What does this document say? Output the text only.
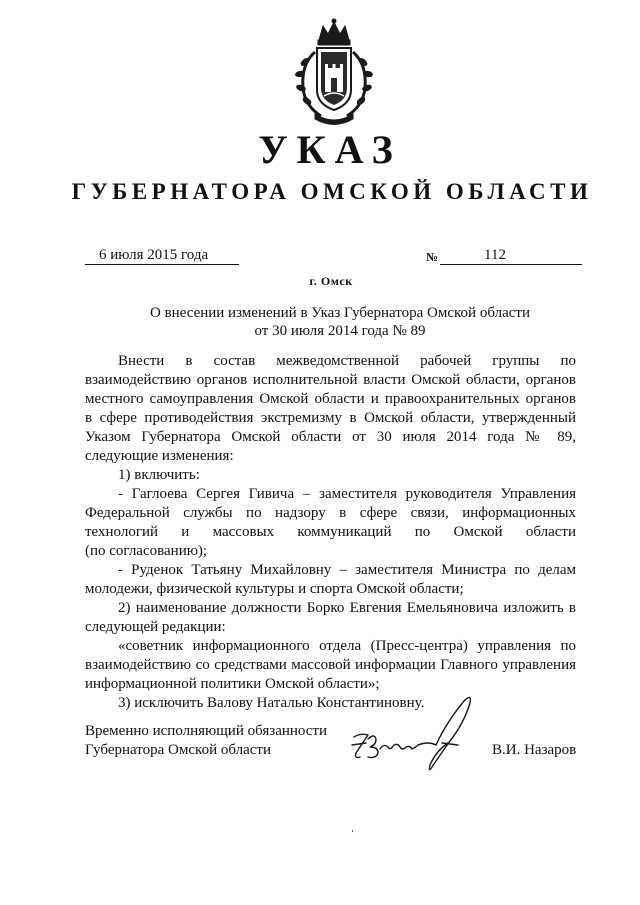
УКАЗ
ГУБЕРНАТОРА ОМСКОЙ ОБЛАСТИ
6 июля 2015 года	№	112
г. Омск
О внесении изменений в Указ Губернатора Омской области
от 30 июля 2014 года № 89

Внести в состав межведомственной рабочей группы по

взаимодействию органов исполнительной власти Омской области, органов

местного самоуправления Омской области и правоохранительных органов

в сфере противодействия экстремизму в Омской области, утвержденный

Указом Губернатора Омской области от 30 июля 2014 года № 89,

следующие изменения:

1) включить:

- Гаглоева Сергея Гивича – заместителя руководителя Управления

Федеральной службы по надзору в сфере связи, информационных

технологий и массовых коммуникаций по Омской области

(по согласованию);

- Руденок Татьяну Михайловну – заместителя Министра по делам

молодежи, физической культуры и спорта Омской области;

2) наименование должности Борко Евгения Емельяновича изложить в

следующей редакции:

«советник информационного отдела (Пресс-центра) управления по

взаимодействию со средствами массовой информации Главного управления

информационной политики Омской области»;

3) исключить Валову Наталью Константиновну.

Временно исполняющий обязанности
Губернатора Омской области	В.И. Назаров
